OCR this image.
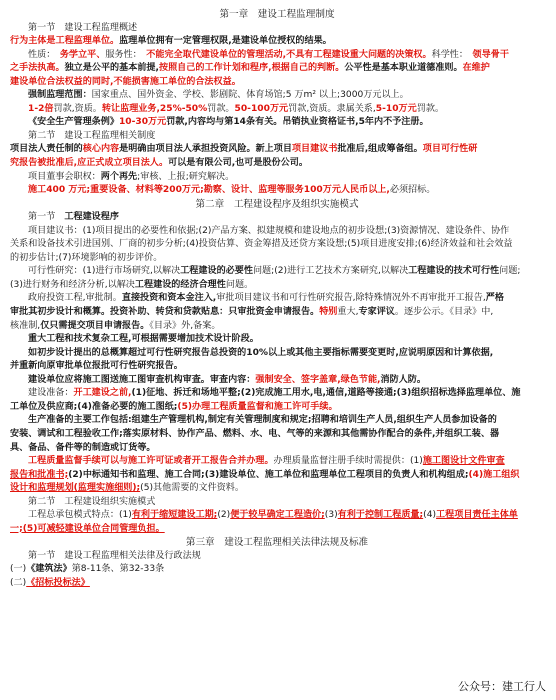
第一章　建设工程监理制度
第一节　建设工程监理概述
行为主体是工程监理单位。监理单位拥有一定管理权限,是建设单位授权的结果。
性质：　务学立平、服务性：　不能完全取代建设单位的管理活动,不具有工程建设重大问题的决策权。科学性：　领导骨干
之手法执高。独立是公平的基本前提,按照自己的工作计划和程序,根据自己的判断。公平性是基本职业道德准则。在维护
建设单位合法权益的同时,不能损害施工单位的合法权益。
强制监理范围：国家重点、国外资金、学校、影剧院、体育场馆;5 万m² 以上;3000万元以上。
1-2倍罚款,资质。转让监理业务,25%-50%罚款。50-100万元罚款,资质。隶属关系,5-10万元罚款。
《安全生产管理条例》10-30万元罚款,内容均与第14条有关。吊销执业资格证书,5年内不予注册。
第二节　建设工程监理相关制度
项目法人责任制的核心内容是明确由项目法人承担投资风险。新上项目项目建议书批准后,组成筹备组。项目可行性研
究报告被批准后,应正式成立项目法人。可以是有限公司,也可是股份公司。
项目董事会职权：两个再先;审核、上报;研究解决。
施工400 万元;重要设备、材料等200万元;勘察、设计、监理等服务100万元人民币以上,必须招标。
第二章　工程建设程序及组织实施模式
第一节　工程建设程序
项目建议书：(1)项目提出的必要性和依据;(2)产品方案、拟建规模和建设地点的初步设想;(3)资源情况、建设条件、协作
关系和设备技术引进国别、厂商的初步分析;(4)投资估算、资金筹措及还贷方案设想;(5)项目进度安排;(6)经济效益和社会效益
的初步估计;(7)环境影响的初步评价。
可行性研究：(1)进行市场研究,以解决工程建设的必要性问题;(2)进行工艺技术方案研究,以解决工程建设的技术可行性问题;
(3)进行财务和经济分析,以解决工程建设的经济合理性问题。
政府投资工程,审批制。直接投资和资本金注入,审批项目建议书和可行性研究报告,除特殊情况外不再审批开工报告,严格
审批其初步设计和概算。投资补助、转贷和贷款贴息：只审批资金申请报告。特别重大,专家评议。逐步公示。《目录》中,
核准制,仅只需提交项目申请报告。《目录》外,备案。
重大工程和技术复杂工程,可根据需要增加技术设计阶段。
如初步设计提出的总概算超过可行性研究报告总投资的10%以上或其他主要指标需要变更时,应说明原因和计算依据,
并重新向原审批单位报批可行性研究报告。
建设单位应将施工图送施工图审查机构审查。审查内容：强制安全、签字盖章,绿色节能,消防人防。
建设准备：开工建设之前,(1)征地、拆迁和场地平整;(2)完成施工用水,电,通信,道路等接通;(3)组织招标选择监理单位、施
工单位及供应商;(4)准备必要的施工图纸;(5)办理工程质量监督和施工许可手续。
生产准备的主要工作包括:组建生产管理机构,制定有关管理制度和规定;招聘和培训生产人员,组织生产人员参加设备的
安装、调试和工程验收工作;落实原材料、协作产品、燃料、水、电、气等的来源和其他需协作配合的条件,并组织工装、器
具、备品、备件等的制造或订货等。
工程质量监督手续可以与施工许可证或者开工报告合并办理。办理质量监督注册手续时需提供：(1)施工图设计文件审查
报告和批准书;(2)中标通知书和监理、施工合同;(3)建设单位、施工单位和监理单位工程项目的负责人和机构组成;(4)施工组织
设计和监理规划(监理实施细则);(5)其他需要的文件资料。
第二节　工程建设组织实施模式
工程总承包模式特点：(1)有利于缩短建设工期;(2)便于较早确定工程造价;(3)有利于控制工程质量;(4)工程项目责任主体单
一;(5)可减轻建设单位合同管理负担。
第三章　建设工程监理相关法律法规及标准
第一节　建设工程监理相关法律及行政法规
(一)《建筑法》第8-11条、第32-33条
(二)《招标投标法》
公众号：建工行人
